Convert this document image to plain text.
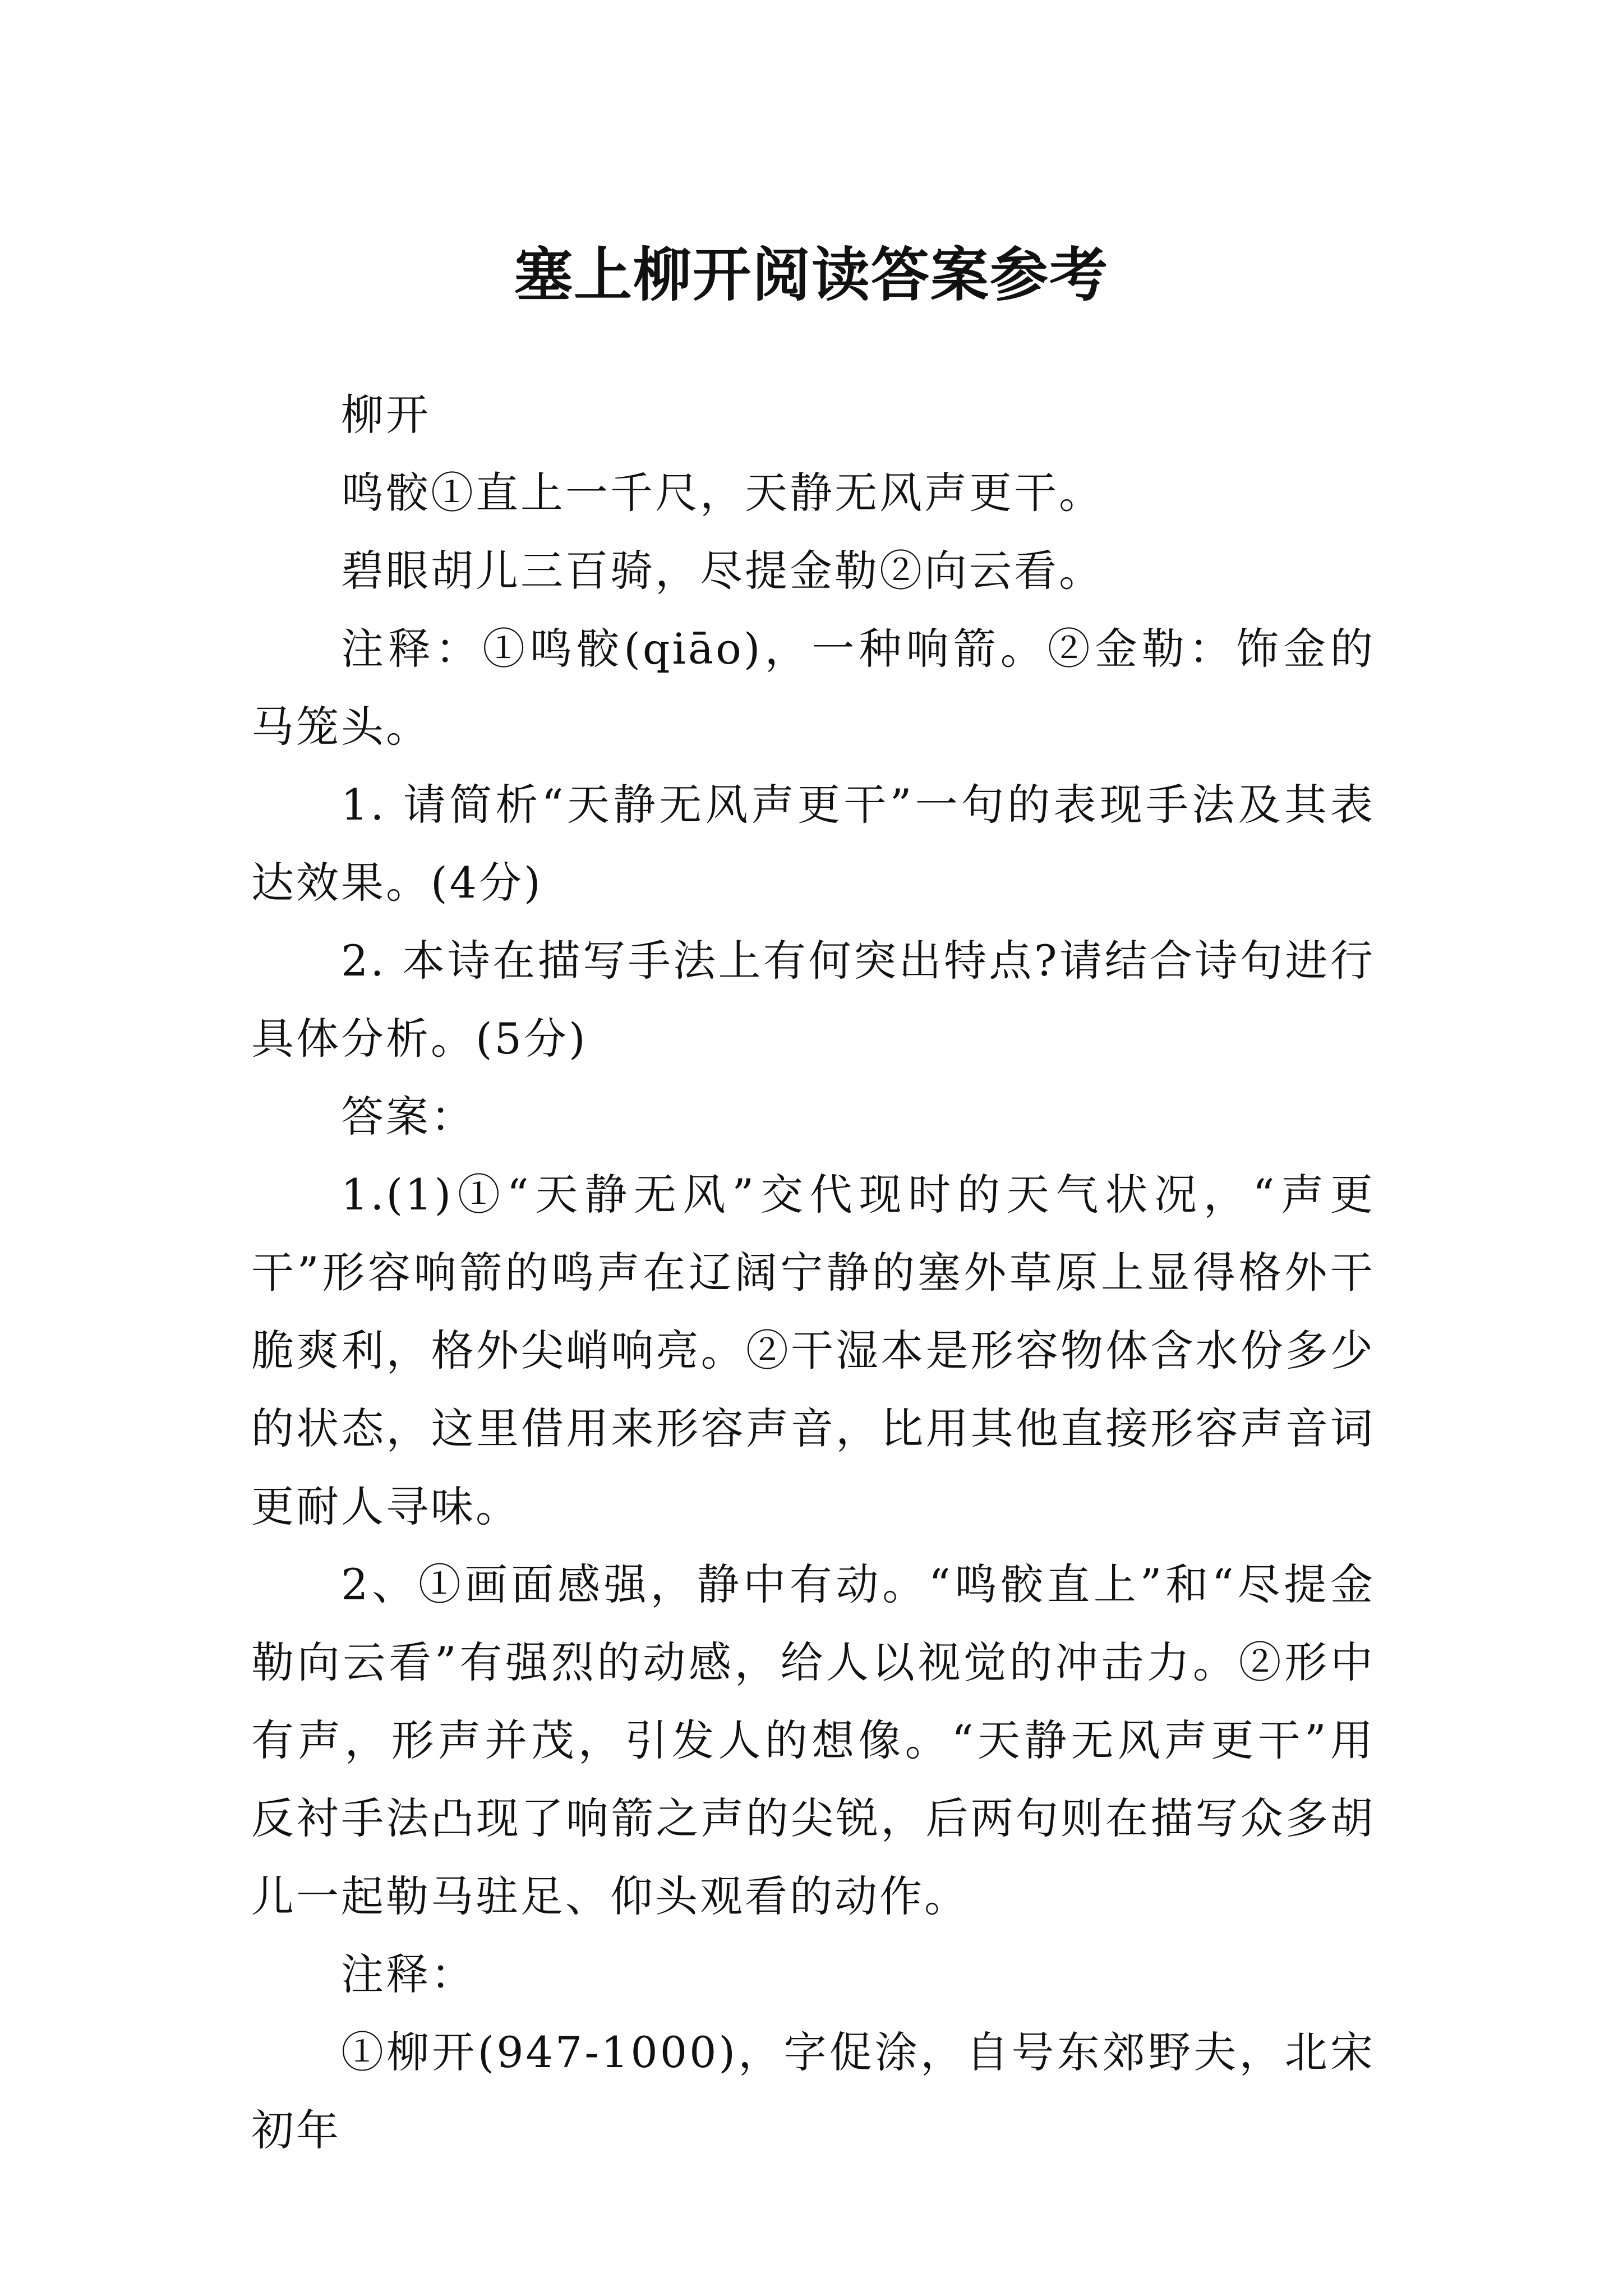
塞上柳开阅读答案参考

柳开

鸣骹①直上一千尺，天静无风声更干。

碧眼胡儿三百骑，尽提金勒②向云看。

注释：①鸣骹(qiāo)，一种响箭。②金勒：饰金的马笼头。

1. 请简析“天静无风声更干”一句的表现手法及其表达效果。(4分)

2. 本诗在描写手法上有何突出特点?请结合诗句进行具体分析。(5分)

答案：

1.(1)①“天静无风”交代现时的天气状况，“声更干”形容响箭的鸣声在辽阔宁静的塞外草原上显得格外干脆爽利，格外尖峭响亮。②干湿本是形容物体含水份多少的状态，这里借用来形容声音，比用其他直接形容声音词更耐人寻味。

2、①画面感强，静中有动。“鸣骹直上”和“尽提金勒向云看”有强烈的动感，给人以视觉的冲击力。②形中有声，形声并茂，引发人的想像。“天静无风声更干”用反衬手法凸现了响箭之声的尖锐，后两句则在描写众多胡儿一起勒马驻足、仰头观看的动作。

注释：

①柳开(947-1000)，字促涂，自号东郊野夫，北宋初年
